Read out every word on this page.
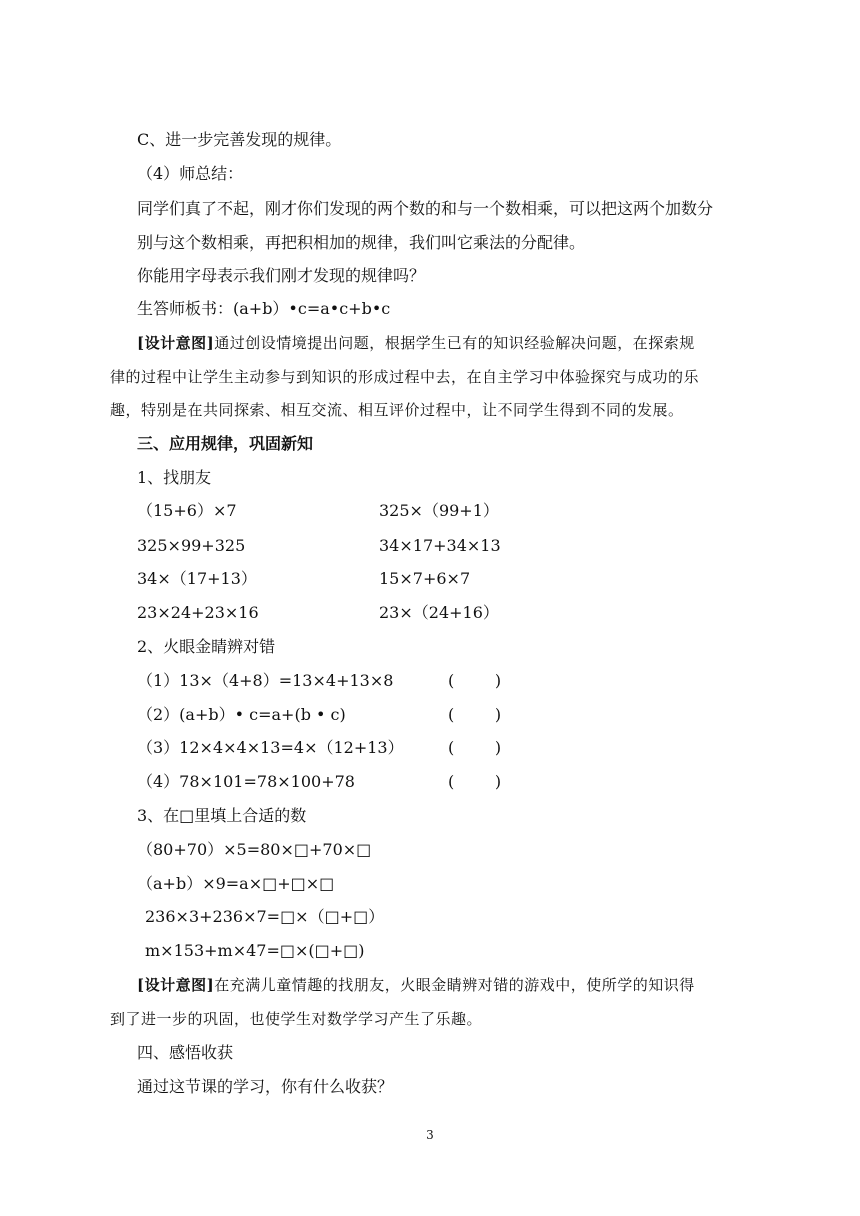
C、进一步完善发现的规律。
（4）师总结：
同学们真了不起，刚才你们发现的两个数的和与一个数相乘，可以把这两个加数分
别与这个数相乘，再把积相加的规律，我们叫它乘法的分配律。
你能用字母表示我们刚才发现的规律吗？
生答师板书：(a+b）•c=a•c+b•c
[设计意图]通过创设情境提出问题，根据学生已有的知识经验解决问题，在探索规
律的过程中让学生主动参与到知识的形成过程中去，在自主学习中体验探究与成功的乐
趣，特别是在共同探索、相互交流、相互评价过程中，让不同学生得到不同的发展。
三、应用规律，巩固新知
1、找朋友
（15+6）×7	325×（99+1）
325×99+325	34×17+34×13
34×（17+13）	15×7+6×7
23×24+23×16	23×（24+16）
2、火眼金睛辨对错
（1）13×（4+8）=13×4+13×8	(        )
（2）(a+b）• c=a+(b • c)	(        )
（3）12×4×4×13=4×（12+13）	(        )
（4）78×101=78×100+78	(        )
3、在□里填上合适的数
（80+70）×5=80×□+70×□
（a+b）×9=a×□+□×□
236×3+236×7=□×（□+□）
m×153+m×47=□×(□+□)
[设计意图]在充满儿童情趣的找朋友，火眼金睛辨对错的游戏中，使所学的知识得
到了进一步的巩固，也使学生对数学学习产生了乐趣。
四、感悟收获
通过这节课的学习，你有什么收获？
3
